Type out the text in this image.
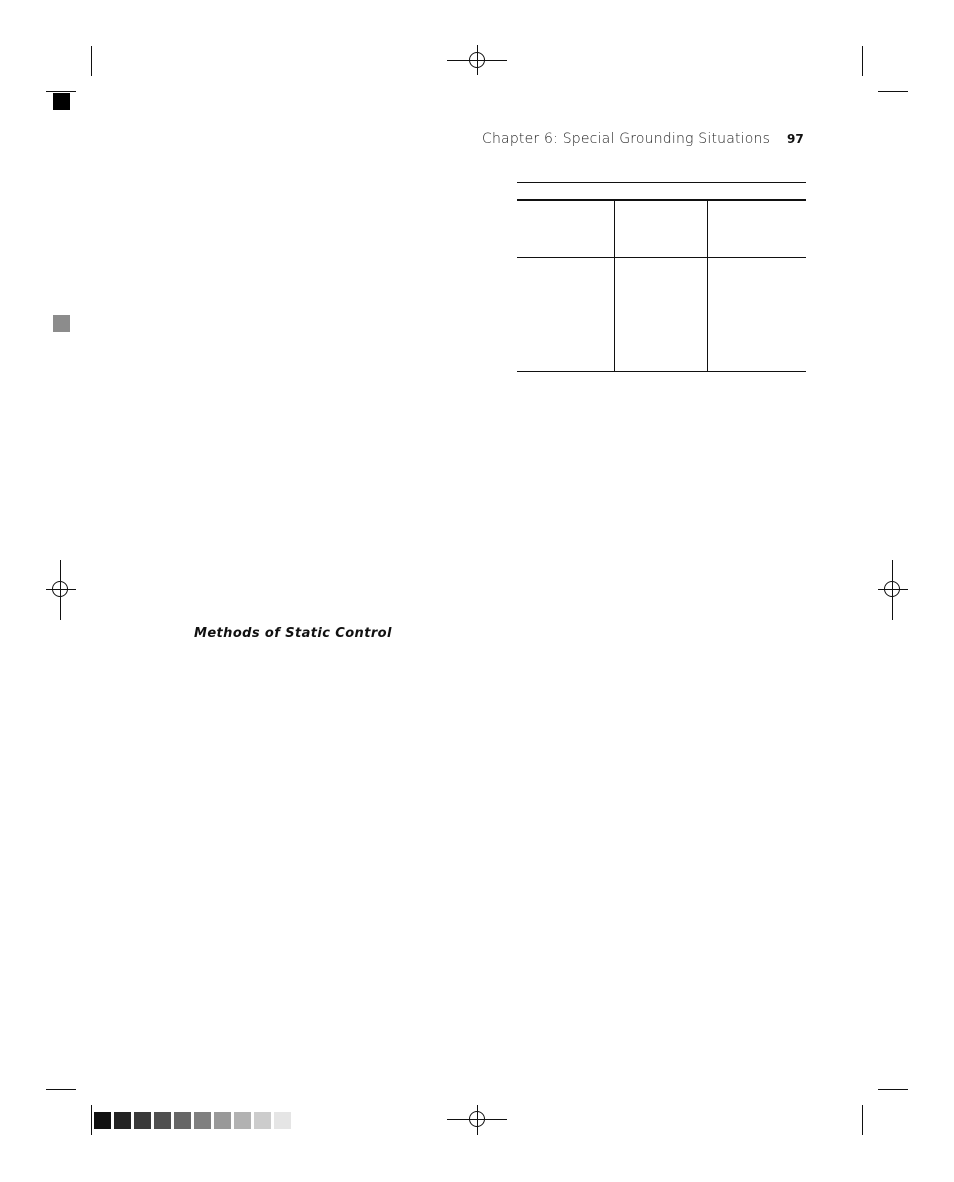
Chapter 6: Special Grounding Situations 97
Methods of Static Control
